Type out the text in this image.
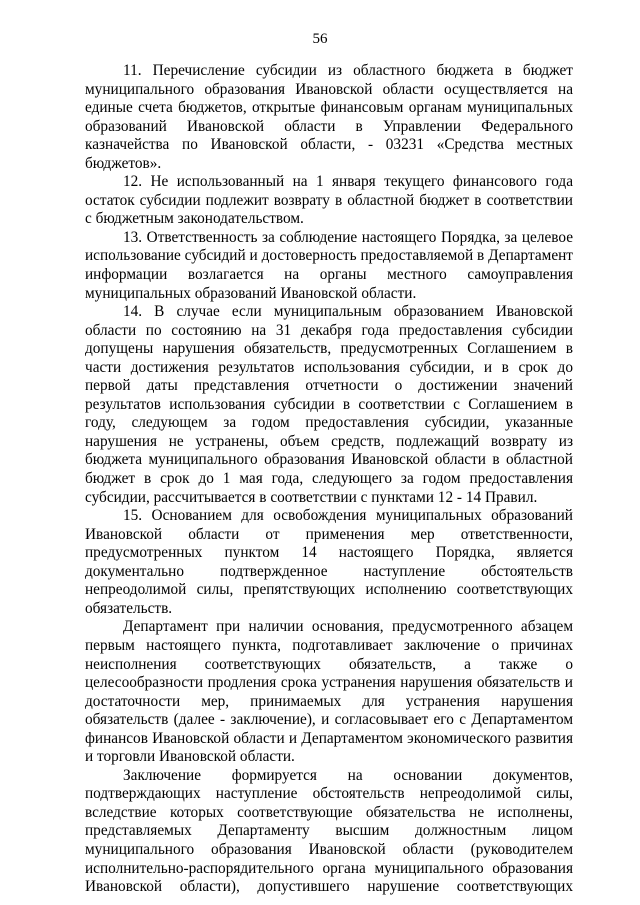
56

11. Перечисление субсидии из областного бюджета в бюджет муниципального образования Ивановской области осуществляется на единые счета бюджетов, открытые финансовым органам муниципальных образований Ивановской области в Управлении Федерального казначейства по Ивановской области, - 03231 «Средства местных бюджетов».

12. Не использованный на 1 января текущего финансового года остаток субсидии подлежит возврату в областной бюджет в соответствии с бюджетным законодательством.

13. Ответственность за соблюдение настоящего Порядка, за целевое использование субсидий и достоверность предоставляемой в Департамент информации возлагается на органы местного самоуправления муниципальных образований Ивановской области.

14. В случае если муниципальным образованием Ивановской области по состоянию на 31 декабря года предоставления субсидии допущены нарушения обязательств, предусмотренных Соглашением в части достижения результатов использования субсидии, и в срок до первой даты представления отчетности о достижении значений результатов использования субсидии в соответствии с Соглашением в году, следующем за годом предоставления субсидии, указанные нарушения не устранены, объем средств, подлежащий возврату из бюджета муниципального образования Ивановской области в областной бюджет в срок до 1 мая года, следующего за годом предоставления субсидии, рассчитывается в соответствии с пунктами 12 - 14 Правил.

15. Основанием для освобождения муниципальных образований Ивановской области от применения мер ответственности, предусмотренных пунктом 14 настоящего Порядка, является документально подтвержденное наступление обстоятельств непреодолимой силы, препятствующих исполнению соответствующих обязательств.

Департамент при наличии основания, предусмотренного абзацем первым настоящего пункта, подготавливает заключение о причинах неисполнения соответствующих обязательств, а также о целесообразности продления срока устранения нарушения обязательств и достаточности мер, принимаемых для устранения нарушения обязательств (далее - заключение), и согласовывает его с Департаментом финансов Ивановской области и Департаментом экономического развития и торговли Ивановской области.

Заключение формируется на основании документов, подтверждающих наступление обстоятельств непреодолимой силы, вследствие которых соответствующие обязательства не исполнены, представляемых Департаменту высшим должностным лицом муниципального образования Ивановской области (руководителем исполнительно-распорядительного органа муниципального образования Ивановской области), допустившего нарушение соответствующих
